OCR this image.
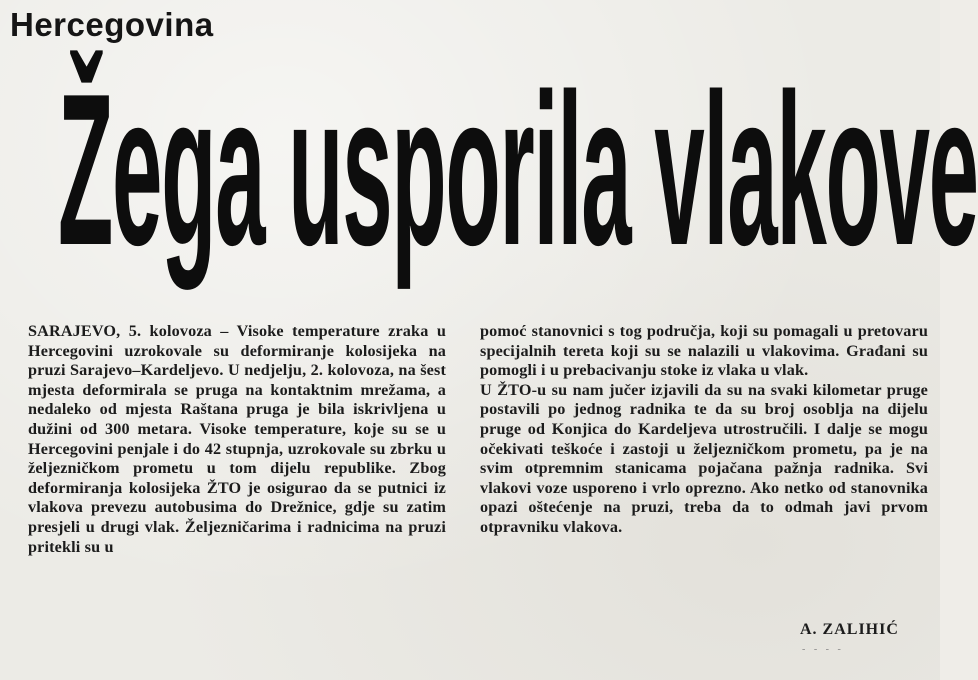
Hercegovina
Žega usporila vlakove
SARAJEVO, 5. kolovoza – Visoke temperature zraka u Hercegovini uzrokovale su deformiranje kolosijeka na pruzi Sarajevo–Kardeljevo. U nedjelju, 2. kolovoza, na šest mjesta deformirala se pruga na kontaktnim mrežama, a nedaleko od mjesta Raštana pruga je bila iskrivljena u dužini od 300 metara. Visoke temperature, koje su se u Hercegovini penjale i do 42 stupnja, uzrokovale su zbrku u željezničkom prometu u tom dijelu republike. Zbog deformiranja kolosijeka ŽTO je osigurao da se putnici iz vlakova prevezu autobusima do Drežnice, gdje su zatim presjeli u drugi vlak. Željezničarima i radnicima na pruzi pritekli su u
pomoć stanovnici s tog područja, koji su pomagali u pretovaru specijalnih tereta koji su se nalazili u vlakovima. Građani su pomogli i u prebacivanju stoke iz vlaka u vlak.
U ŽTO-u su nam jučer izjavili da su na svaki kilometar pruge postavili po jednog radnika te da su broj osoblja na dijelu pruge od Konjica do Kardeljeva utrostručili. I dalje se mogu očekivati teškoće i zastoji u željezničkom prometu, pa je na svim otpremnim stanicama pojačana pažnja radnika. Svi vlakovi voze usporeno i vrlo oprezno. Ako netko od stanovnika opazi oštećenje na pruzi, treba da to odmah javi prvom otpravniku vlakova.
A. ZALIHIĆ
- - - -
